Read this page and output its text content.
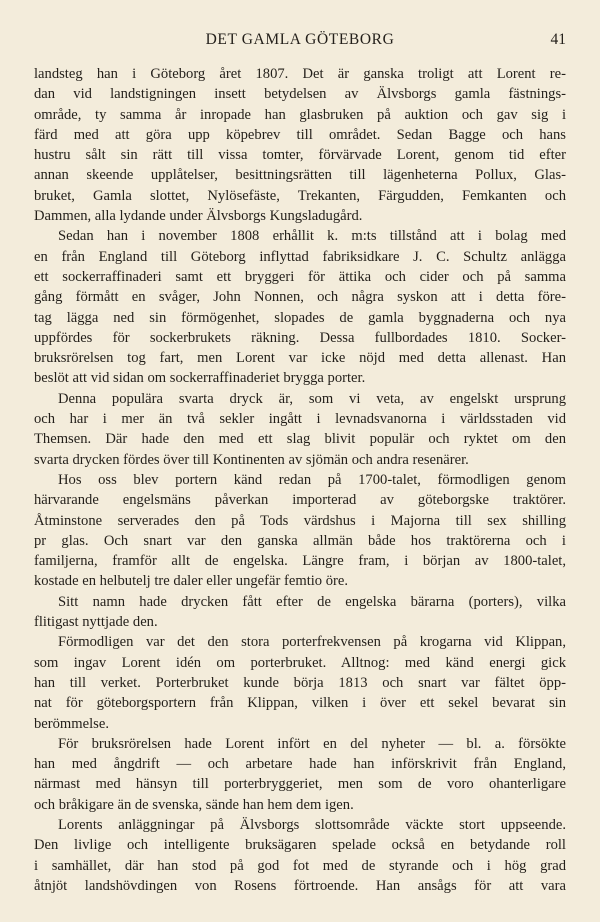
DET GAMLA GÖTEBORG	41
landsteg han i Göteborg året 1807. Det är ganska troligt att Lorent re-
dan vid landstigningen insett betydelsen av Älvsborgs gamla fästnings-
område, ty samma år inropade han glasbruken på auktion och gav sig i
färd med att göra upp köpebrev till området. Sedan Bagge och hans
hustru sålt sin rätt till vissa tomter, förvärvade Lorent, genom tid efter
annan skeende upplåtelser, besittningsrätten till lägenheterna Pollux, Glas-
bruket, Gamla slottet, Nylösefäste, Trekanten, Färgudden, Femkanten och
Dammen, alla lydande under Älvsborgs Kungsladugård.
Sedan han i november 1808 erhållit k. m:ts tillstånd att i bolag med
en från England till Göteborg inflyttad fabriksidkare J. C. Schultz anlägga
ett sockerraffinaderi samt ett bryggeri för ättika och cider och på samma
gång förmått en svåger, John Nonnen, och några syskon att i detta före-
tag lägga ned sin förmögenhet, slopades de gamla byggnaderna och nya
uppfördes för sockerbrukets räkning. Dessa fullbordades 1810. Socker-
bruksrörelsen tog fart, men Lorent var icke nöjd med detta allenast. Han
beslöt att vid sidan om sockerraffinaderiet brygga porter.
Denna populära svarta dryck är, som vi veta, av engelskt ursprung
och har i mer än två sekler ingått i levnadsvanorna i världsstaden vid
Themsen. Där hade den med ett slag blivit populär och ryktet om den
svarta drycken fördes över till Kontinenten av sjömän och andra resenärer.
Hos oss blev portern känd redan på 1700-talet, förmodligen genom
härvarande engelsmäns påverkan importerad av göteborgske traktörer.
Åtminstone serverades den på Tods värdshus i Majorna till sex shilling
pr glas. Och snart var den ganska allmän både hos traktörerna och i
familjerna, framför allt de engelska. Längre fram, i början av 1800-talet,
kostade en helbutelj tre daler eller ungefär femtio öre.
Sitt namn hade drycken fått efter de engelska bärarna (porters), vilka
flitigast nyttjade den.
Förmodligen var det den stora porterfrekvensen på krogarna vid Klippan,
som ingav Lorent idén om porterbruket. Alltnog: med känd energi gick
han till verket. Porterbruket kunde börja 1813 och snart var fältet öpp-
nat för göteborgsportern från Klippan, vilken i över ett sekel bevarat sin
berömmelse.
För bruksrörelsen hade Lorent infört en del nyheter — bl. a. försökte
han med ångdrift — och arbetare hade han införskrivit från England,
närmast med hänsyn till porterbryggeriet, men som de voro ohanterligare
och bråkigare än de svenska, sände han hem dem igen.
Lorents anläggningar på Älvsborgs slottsområde väckte stort uppseende.
Den livlige och intelligente bruksägaren spelade också en betydande roll
i samhället, där han stod på god fot med de styrande och i hög grad
åtnjöt landshövdingen von Rosens förtroende. Han ansågs för att vara
